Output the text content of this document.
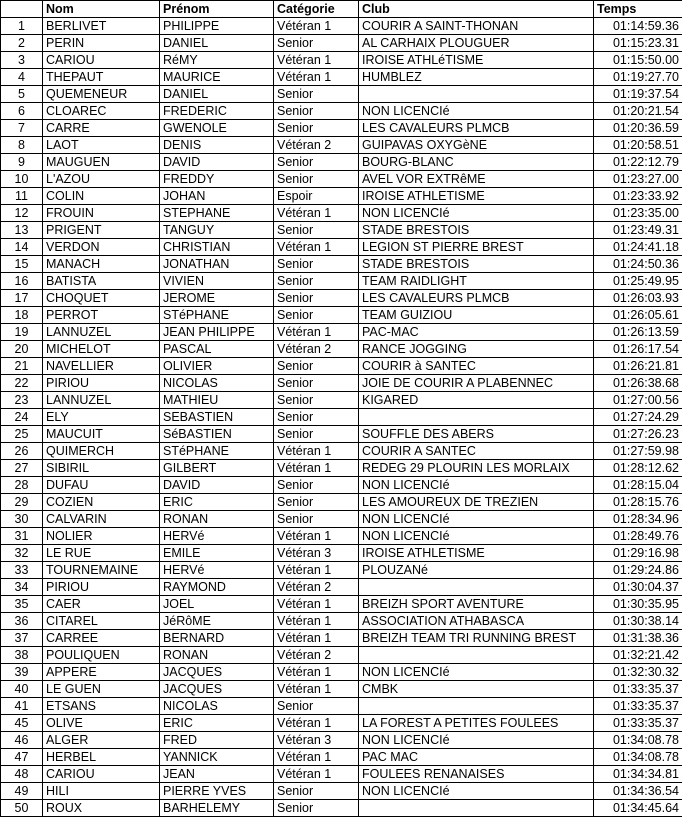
	Nom	Prénom	Catégorie	Club	Temps
1	BERLIVET	PHILIPPE	Vétéran 1	COURIR A SAINT-THONAN	01:14:59.36
2	PERIN	DANIEL	Senior	AL CARHAIX PLOUGUER	01:15:23.31
3	CARIOU	RéMY	Vétéran 1	IROISE ATHLéTISME	01:15:50.00
4	THEPAUT	MAURICE	Vétéran 1	HUMBLEZ	01:19:27.70
5	QUEMENEUR	DANIEL	Senior		01:19:37.54
6	CLOAREC	FREDERIC	Senior	NON LICENCIé	01:20:21.54
7	CARRE	GWENOLE	Senior	LES CAVALEURS PLMCB	01:20:36.59
8	LAOT	DENIS	Vétéran 2	GUIPAVAS OXYGèNE	01:20:58.51
9	MAUGUEN	DAVID	Senior	BOURG-BLANC	01:22:12.79
10	L'AZOU	FREDDY	Senior	AVEL VOR EXTRêME	01:23:27.00
11	COLIN	JOHAN	Espoir	IROISE ATHLETISME	01:23:33.92
12	FROUIN	STEPHANE	Vétéran 1	NON LICENCIé	01:23:35.00
13	PRIGENT	TANGUY	Senior	STADE BRESTOIS	01:23:49.31
14	VERDON	CHRISTIAN	Vétéran 1	LEGION ST PIERRE BREST	01:24:41.18
15	MANACH	JONATHAN	Senior	STADE BRESTOIS	01:24:50.36
16	BATISTA	VIVIEN	Senior	TEAM RAIDLIGHT	01:25:49.95
17	CHOQUET	JEROME	Senior	LES CAVALEURS PLMCB	01:26:03.93
18	PERROT	STéPHANE	Senior	TEAM GUIZIOU	01:26:05.61
19	LANNUZEL	JEAN PHILIPPE	Vétéran 1	PAC-MAC	01:26:13.59
20	MICHELOT	PASCAL	Vétéran 2	RANCE JOGGING	01:26:17.54
21	NAVELLIER	OLIVIER	Senior	COURIR à SANTEC	01:26:21.81
22	PIRIOU	NICOLAS	Senior	JOIE DE COURIR A PLABENNEC	01:26:38.68
23	LANNUZEL	MATHIEU	Senior	KIGARED	01:27:00.56
24	ELY	SEBASTIEN	Senior		01:27:24.29
25	MAUCUIT	SéBASTIEN	Senior	SOUFFLE DES ABERS	01:27:26.23
26	QUIMERCH	STéPHANE	Vétéran 1	COURIR A SANTEC	01:27:59.98
27	SIBIRIL	GILBERT	Vétéran 1	REDEG 29 PLOURIN LES MORLAIX	01:28:12.62
28	DUFAU	DAVID	Senior	NON LICENCIé	01:28:15.04
29	COZIEN	ERIC	Senior	LES AMOUREUX DE TREZIEN	01:28:15.76
30	CALVARIN	RONAN	Senior	NON LICENCIé	01:28:34.96
31	NOLIER	HERVé	Vétéran 1	NON LICENCIé	01:28:49.76
32	LE RUE	EMILE	Vétéran 3	IROISE ATHLETISME	01:29:16.98
33	TOURNEMAINE	HERVé	Vétéran 1	PLOUZANé	01:29:24.86
34	PIRIOU	RAYMOND	Vétéran 2		01:30:04.37
35	CAER	JOEL	Vétéran 1	BREIZH SPORT AVENTURE	01:30:35.95
36	CITAREL	JéRôME	Vétéran 1	ASSOCIATION ATHABASCA	01:30:38.14
37	CARREE	BERNARD	Vétéran 1	BREIZH TEAM TRI RUNNING BREST	01:31:38.36
38	POULIQUEN	RONAN	Vétéran 2		01:32:21.42
39	APPERE	JACQUES	Vétéran 1	NON LICENCIé	01:32:30.32
40	LE GUEN	JACQUES	Vétéran 1	CMBK	01:33:35.37
41	ETSANS	NICOLAS	Senior		01:33:35.37
45	OLIVE	ERIC	Vétéran 1	LA FOREST A PETITES FOULEES	01:33:35.37
46	ALGER	FRED	Vétéran 3	NON LICENCIé	01:34:08.78
47	HERBEL	YANNICK	Vétéran 1	PAC MAC	01:34:08.78
48	CARIOU	JEAN	Vétéran 1	FOULEES RENANAISES	01:34:34.81
49	HILI	PIERRE YVES	Senior	NON LICENCIé	01:34:36.54
50	ROUX	BARHELEMY	Senior		01:34:45.64
